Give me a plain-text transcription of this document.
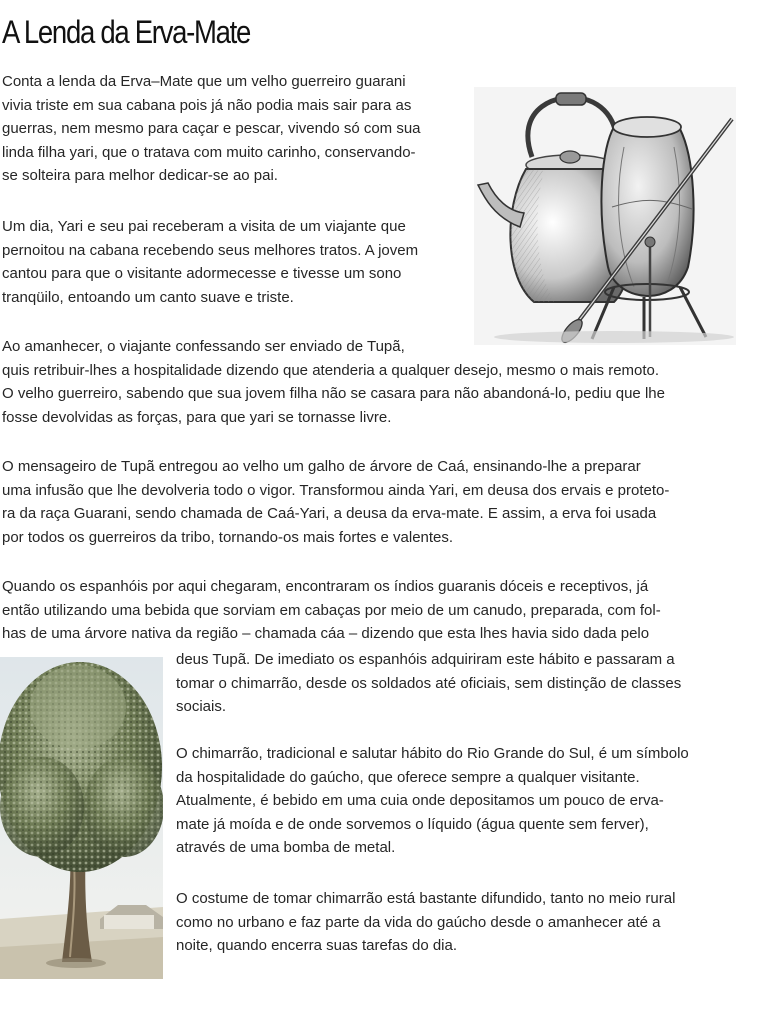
A Lenda da Erva-Mate
Conta a lenda da Erva–Mate que um velho guerreiro guarani
vivia triste em sua cabana pois já não podia mais sair para as
guerras, nem mesmo para caçar e pescar, vivendo só com sua
linda filha yari, que o tratava com muito carinho, conservando-
se solteira para melhor dedicar-se ao pai.
Um dia, Yari e seu pai receberam a visita de um viajante que
pernoitou na cabana recebendo seus melhores tratos. A jovem
cantou para que o visitante adormecesse e tivesse um sono
tranqüilo, entoando um canto suave e triste.
Ao amanhecer, o viajante confessando ser enviado de Tupã,
quis retribuir-lhes a hospitalidade dizendo que atenderia a qualquer desejo, mesmo o mais remoto.
O velho guerreiro, sabendo que sua jovem filha não se casara para não abandoná-lo, pediu que lhe
fosse devolvidas as forças, para que yari se tornasse livre.
O mensageiro de Tupã entregou ao velho um galho de árvore de Caá, ensinando-lhe a preparar
uma infusão que lhe devolveria todo o vigor. Transformou ainda Yari, em deusa dos ervais e proteto-
ra da raça Guarani, sendo chamada de Caá-Yari, a deusa da erva-mate. E assim, a erva foi usada
por todos os guerreiros da tribo, tornando-os mais fortes e valentes.
Quando os espanhóis por aqui chegaram, encontraram os índios guaranis dóceis e receptivos, já
então utilizando uma bebida que sorviam em cabaças por meio de um canudo, preparada, com fol-
has de uma árvore nativa da região – chamada cáa – dizendo que esta lhes havia sido dada pelo
deus Tupã. De imediato os espanhóis adquiriram este hábito e passaram a
tomar o chimarrão, desde os soldados até oficiais, sem distinção de classes
sociais.
O chimarrão, tradicional e salutar hábito do Rio Grande do Sul, é um símbolo
da hospitalidade do gaúcho, que oferece sempre a qualquer visitante.
Atualmente, é bebido em uma cuia onde depositamos um pouco de erva-
mate já moída e de onde sorvemos o líquido (água quente sem ferver),
através de uma bomba de metal.
O costume de tomar chimarrão está bastante difundido, tanto no meio rural
como no urbano e faz parte da vida do gaúcho desde o amanhecer até a
noite, quando encerra suas tarefas do dia.
